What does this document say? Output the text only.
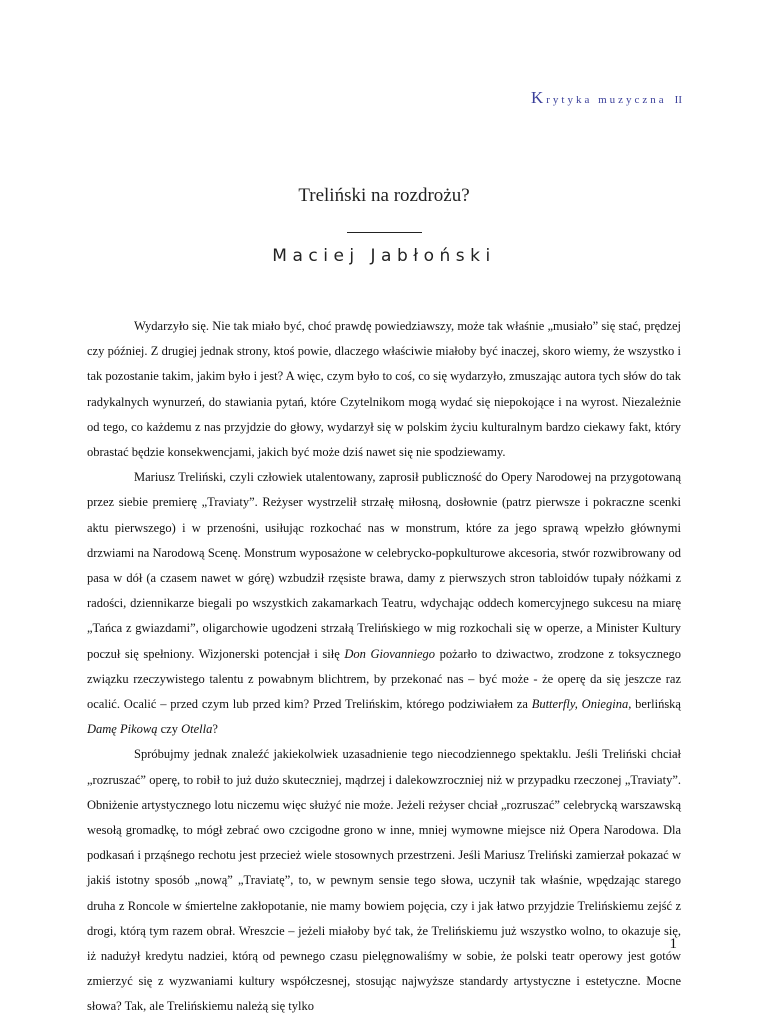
Krytyka muzyczna II
Treliński na rozdrożu?
Maciej Jabłoński

Wydarzyło się. Nie tak miało być, choć prawdę powiedziawszy, może tak właśnie „musiało” się stać, prędzej czy później. Z drugiej jednak strony, ktoś powie, dlaczego właściwie miałoby być inaczej, skoro wiemy, że wszystko i tak pozostanie takim, jakim było i jest? A więc, czym było to coś, co się wydarzyło, zmuszając autora tych słów do tak radykalnych wynurzeń, do stawiania pytań, które Czytelnikom mogą wydać się niepokojące i na wyrost. Niezależnie od tego, co każdemu z nas przyjdzie do głowy, wydarzył się w polskim życiu kulturalnym bardzo ciekawy fakt, który obrastać będzie konsekwencjami, jakich być może dziś nawet się nie spodziewamy.

Mariusz Treliński, czyli człowiek utalentowany, zaprosił publiczność do Opery Narodowej na przygotowaną przez siebie premierę „Traviaty”. Reżyser wystrzelił strzałę miłosną, dosłownie (patrz pierwsze i pokraczne scenki aktu pierwszego) i w przenośni, usiłując rozkochać nas w monstrum, które za jego sprawą wpełzło głównymi drzwiami na Narodową Scenę. Monstrum wyposażone w celebrycko-popkulturowe akcesoria, stwór rozwibrowany od pasa w dół (a czasem nawet w górę) wzbudził rzęsiste brawa, damy z pierwszych stron tabloidów tupały nóżkami z radości, dziennikarze biegali po wszystkich zakamarkach Teatru, wdychając oddech komercyjnego sukcesu na miarę „Tańca z gwiazdami”, oligarchowie ugodzeni strzałą Trelińskiego w mig rozkochali się w operze, a Minister Kultury poczuł się spełniony. Wizjonerski potencjał i siłę Don Giovanniego pożarło to dziwactwo, zrodzone z toksycznego związku rzeczywistego talentu z powabnym blichtrem, by przekonać nas – być może - że operę da się jeszcze raz ocalić. Ocalić – przed czym lub przed kim? Przed Trelińskim, którego podziwiałem za Butterfly, Onieginа, berlińską Damę Pikową czy Otella?

Spróbujmy jednak znaleźć jakiekolwiek uzasadnienie tego niecodziennego spektaklu. Jeśli Treliński chciał „rozruszać” operę, to robił to już dużo skuteczniej, mądrzej i dalekowzroczniej niż w przypadku rzeczonej „Traviaty”. Obniżenie artystycznego lotu niczemu więc służyć nie może. Jeżeli reżyser chciał „rozruszać” celebrycką warszawską wesołą gromadkę, to mógł zebrać owo czcigodne grono w inne, mniej wymowne miejsce niż Opera Narodowa. Dla podkasań i prząśnego rechotu jest przecież wiele stosownych przestrzeni. Jeśli Mariusz Treliński zamierzał pokazać w jakiś istotny sposób „nową” „Traviatę”, to, w pewnym sensie tego słowa, uczynił tak właśnie, wpędzając starego druha z Roncole w śmiertelne zakłopotanie, nie mamy bowiem pojęcia, czy i jak łatwo przyjdzie Trelińskiemu zejść z drogi, którą tym razem obrał. Wreszcie – jeżeli miałoby być tak, że Trelińskiemu już wszystko wolno, to okazuje się, iż nadużył kredytu nadziei, którą od pewnego czasu pielęgnowaliśmy w sobie, że polski teatr operowy jest gotów zmierzyć się z wyzwaniami kultury współczesnej, stosując najwyższe standardy artystyczne i estetyczne. Mocne słowa? Tak, ale Trelińskiemu należą się tylko

1
